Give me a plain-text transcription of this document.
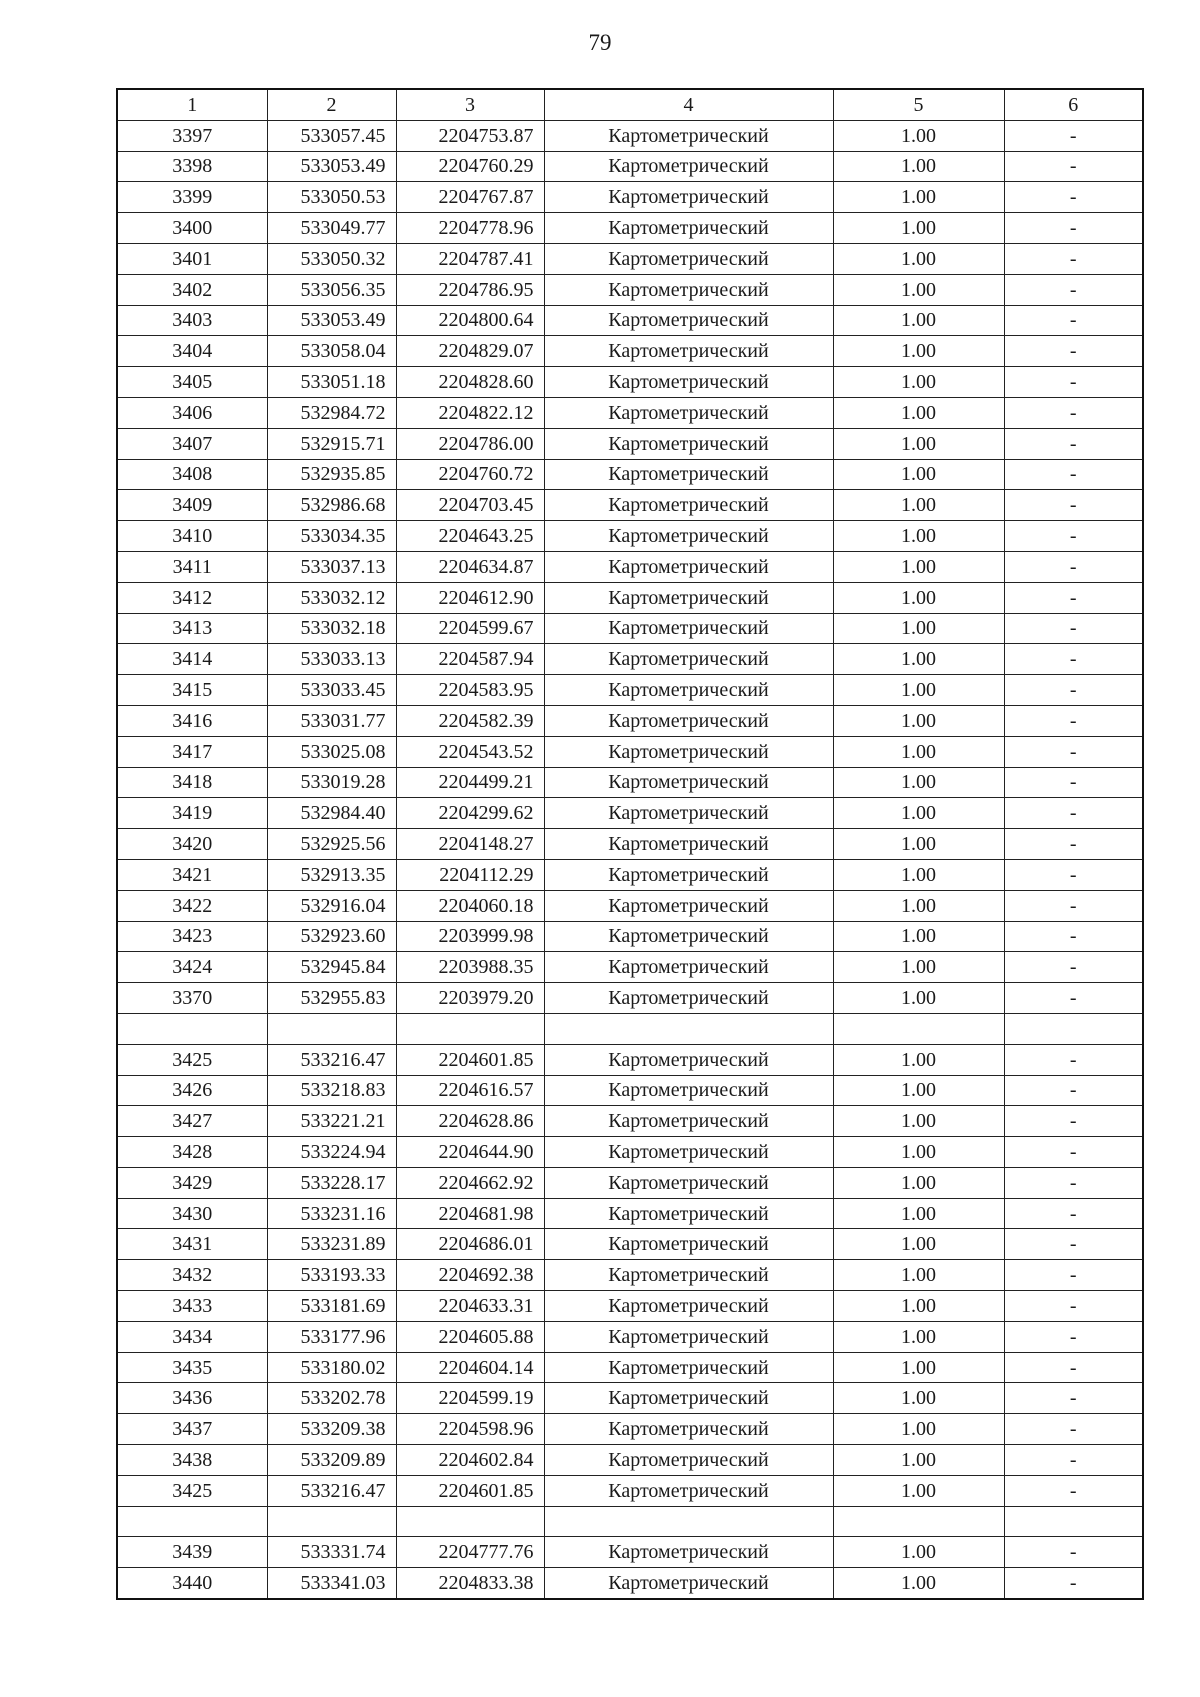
79
1	2	3	4	5	6
3397	533057.45	2204753.87	Картометрический	1.00	-
3398	533053.49	2204760.29	Картометрический	1.00	-
3399	533050.53	2204767.87	Картометрический	1.00	-
3400	533049.77	2204778.96	Картометрический	1.00	-
3401	533050.32	2204787.41	Картометрический	1.00	-
3402	533056.35	2204786.95	Картометрический	1.00	-
3403	533053.49	2204800.64	Картометрический	1.00	-
3404	533058.04	2204829.07	Картометрический	1.00	-
3405	533051.18	2204828.60	Картометрический	1.00	-
3406	532984.72	2204822.12	Картометрический	1.00	-
3407	532915.71	2204786.00	Картометрический	1.00	-
3408	532935.85	2204760.72	Картометрический	1.00	-
3409	532986.68	2204703.45	Картометрический	1.00	-
3410	533034.35	2204643.25	Картометрический	1.00	-
3411	533037.13	2204634.87	Картометрический	1.00	-
3412	533032.12	2204612.90	Картометрический	1.00	-
3413	533032.18	2204599.67	Картометрический	1.00	-
3414	533033.13	2204587.94	Картометрический	1.00	-
3415	533033.45	2204583.95	Картометрический	1.00	-
3416	533031.77	2204582.39	Картометрический	1.00	-
3417	533025.08	2204543.52	Картометрический	1.00	-
3418	533019.28	2204499.21	Картометрический	1.00	-
3419	532984.40	2204299.62	Картометрический	1.00	-
3420	532925.56	2204148.27	Картометрический	1.00	-
3421	532913.35	2204112.29	Картометрический	1.00	-
3422	532916.04	2204060.18	Картометрический	1.00	-
3423	532923.60	2203999.98	Картометрический	1.00	-
3424	532945.84	2203988.35	Картометрический	1.00	-
3370	532955.83	2203979.20	Картометрический	1.00	-

3425	533216.47	2204601.85	Картометрический	1.00	-
3426	533218.83	2204616.57	Картометрический	1.00	-
3427	533221.21	2204628.86	Картометрический	1.00	-
3428	533224.94	2204644.90	Картометрический	1.00	-
3429	533228.17	2204662.92	Картометрический	1.00	-
3430	533231.16	2204681.98	Картометрический	1.00	-
3431	533231.89	2204686.01	Картометрический	1.00	-
3432	533193.33	2204692.38	Картометрический	1.00	-
3433	533181.69	2204633.31	Картометрический	1.00	-
3434	533177.96	2204605.88	Картометрический	1.00	-
3435	533180.02	2204604.14	Картометрический	1.00	-
3436	533202.78	2204599.19	Картометрический	1.00	-
3437	533209.38	2204598.96	Картометрический	1.00	-
3438	533209.89	2204602.84	Картометрический	1.00	-
3425	533216.47	2204601.85	Картометрический	1.00	-

3439	533331.74	2204777.76	Картометрический	1.00	-
3440	533341.03	2204833.38	Картометрический	1.00	-
